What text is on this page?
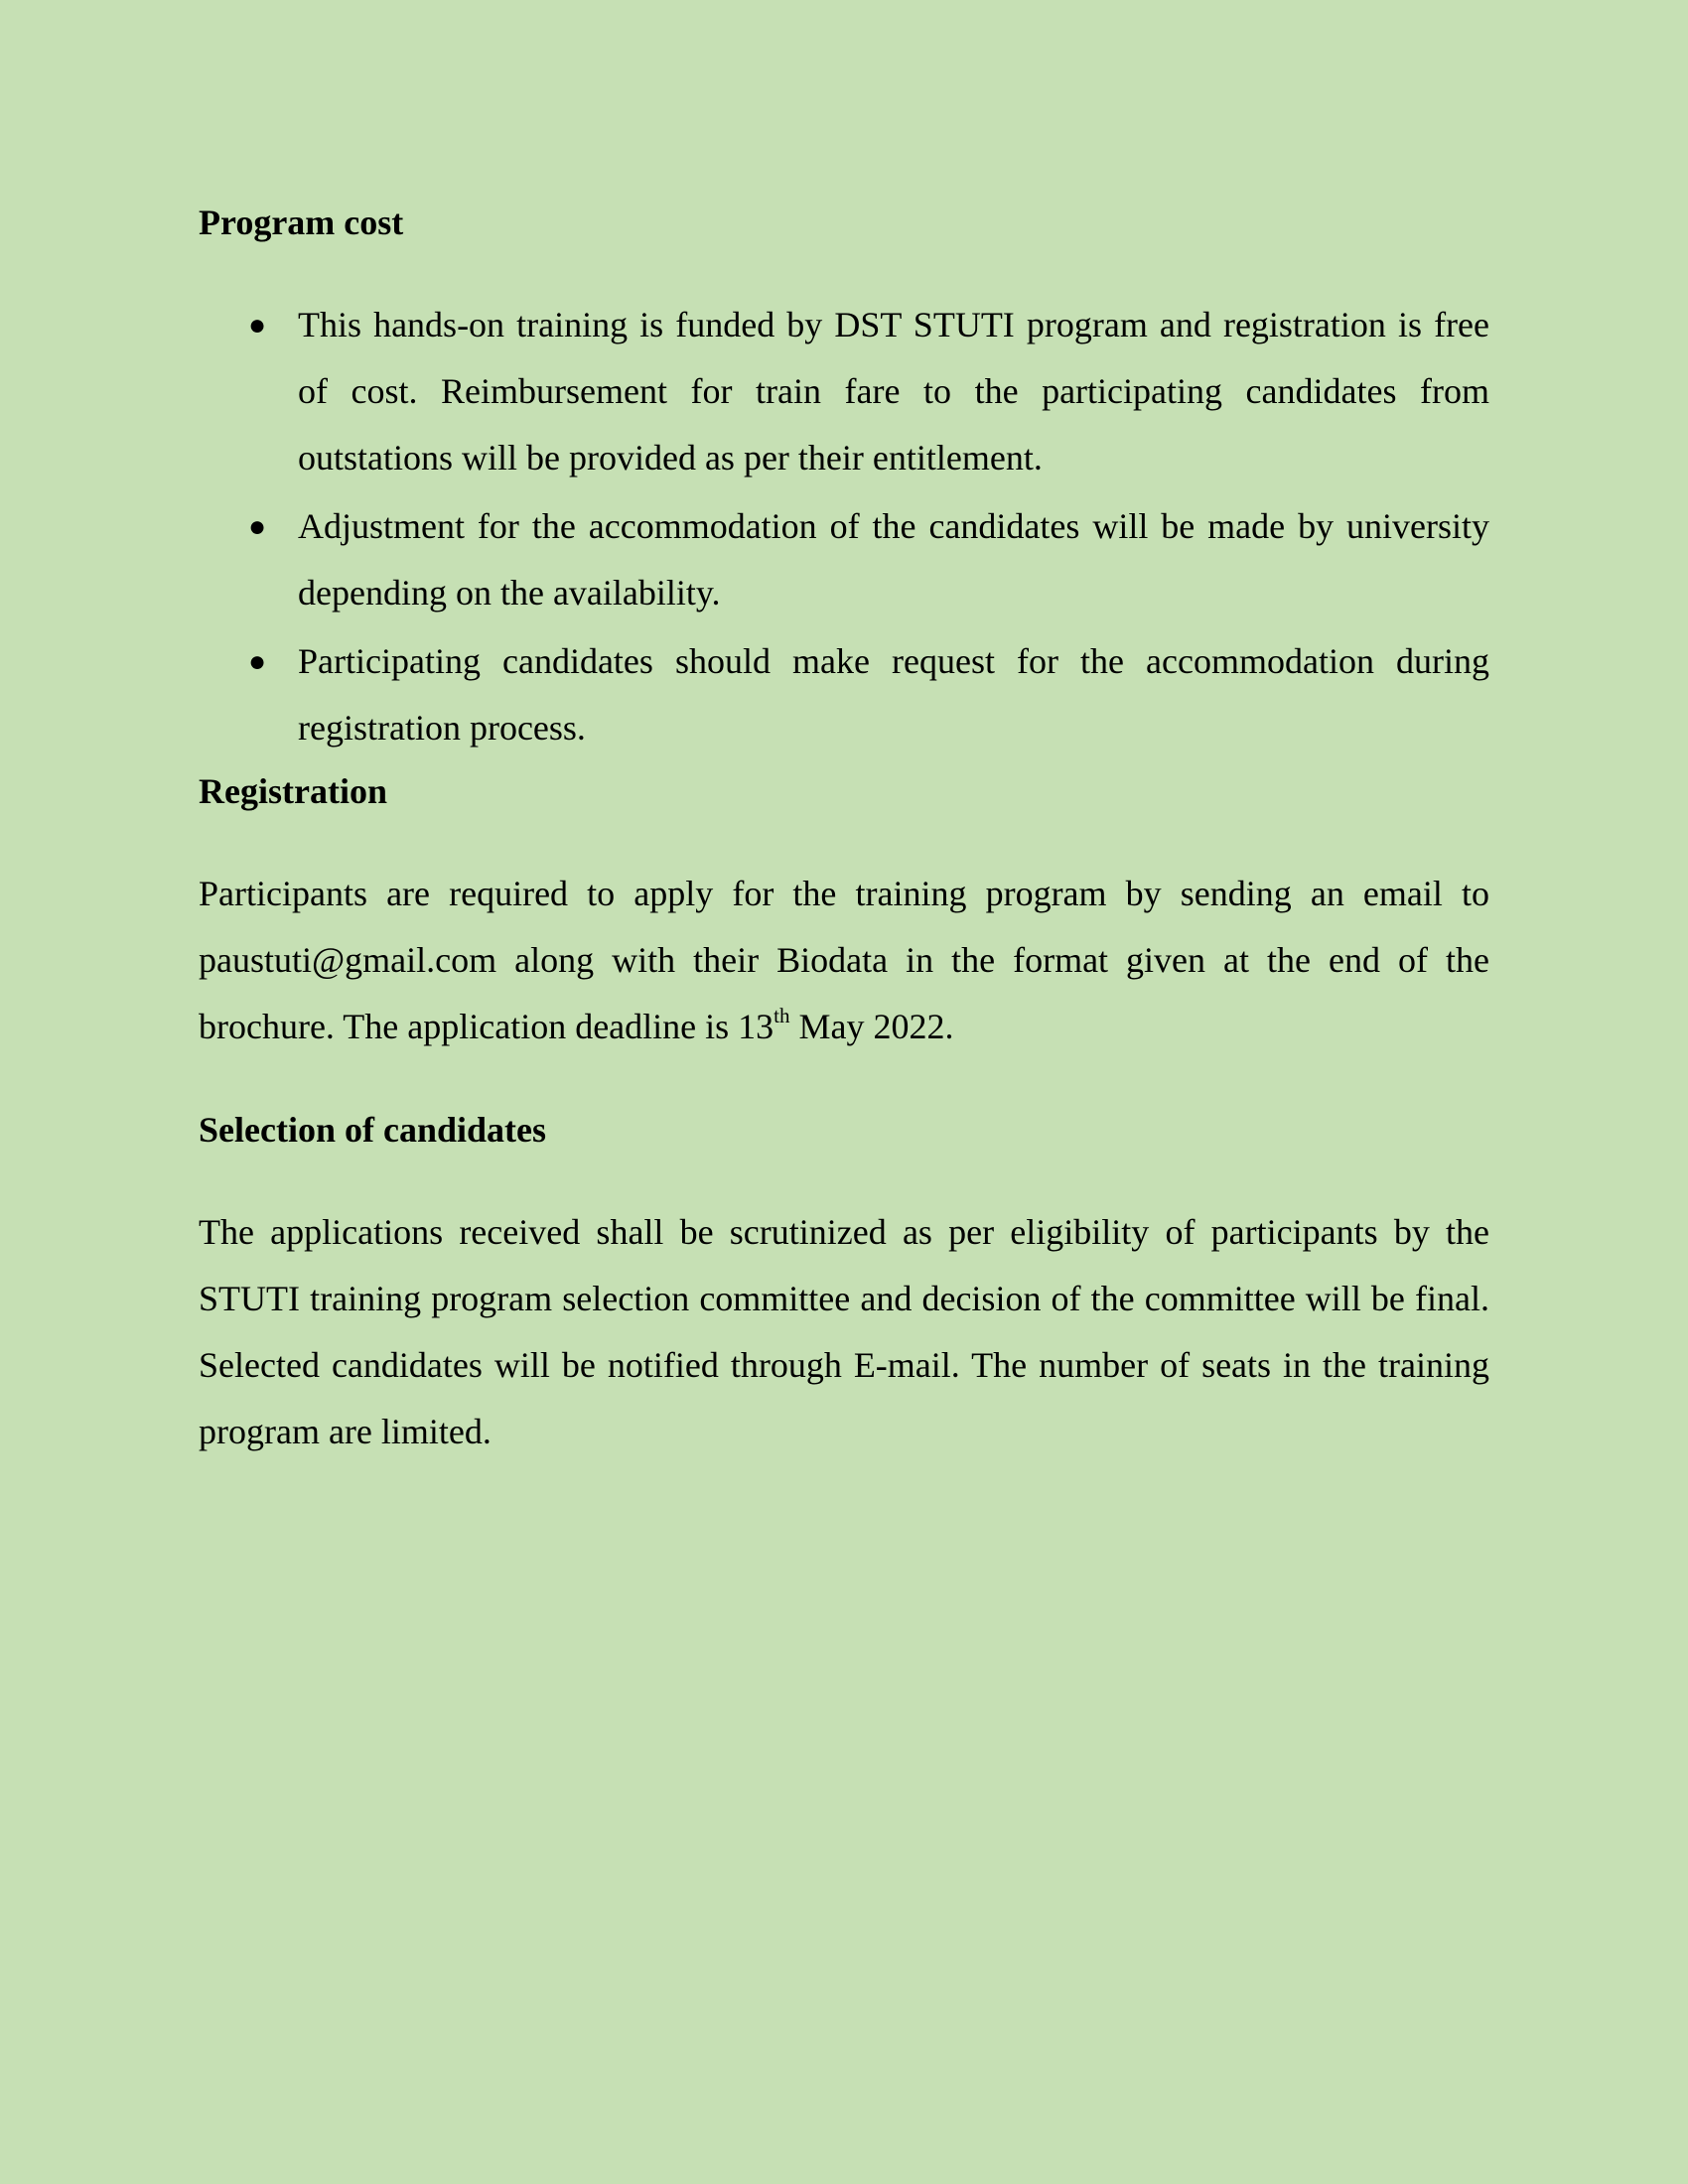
Program cost
● This hands-on training is funded by DST STUTI program and registration is free of cost. Reimbursement for train fare to the participating candidates from outstations will be provided as per their entitlement.
● Adjustment for the accommodation of the candidates will be made by university depending on the availability.
● Participating candidates should make request for the accommodation during registration process.
Registration

Participants are required to apply for the training program by sending an email to paustuti@gmail.com along with their Biodata in the format given at the end of the brochure. The application deadline is 13th May 2022.

Selection of candidates

The applications received shall be scrutinized as per eligibility of participants by the STUTI training program selection committee and decision of the committee will be final. Selected candidates will be notified through E-mail. The number of seats in the training program are limited.
